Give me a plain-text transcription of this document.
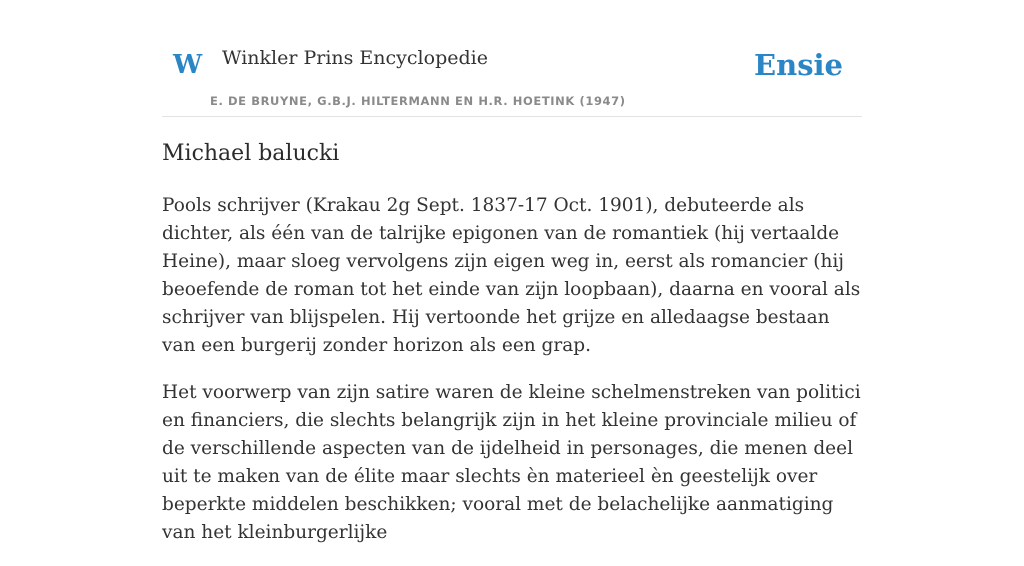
W Winkler Prins Encyclopedie
E. DE BRUYNE, G.B.J. HILTERMANN EN H.R. HOETINK (1947)
Ensie
Michael balucki

Pools schrijver (Krakau 2g Sept. 1837-17 Oct. 1901), debuteerde als dichter, als één van de talrijke epigonen van de romantiek (hij vertaalde Heine), maar sloeg vervolgens zijn eigen weg in, eerst als romancier (hij beoefende de roman tot het einde van zijn loopbaan), daarna en vooral als schrijver van blijspelen. Hij vertoonde het grijze en alledaagse bestaan van een burgerij zonder horizon als een grap.

Het voorwerp van zijn satire waren de kleine schelmenstreken van politici en financiers, die slechts belangrijk zijn in het kleine provinciale milieu of de verschillende aspecten van de ijdelheid in personages, die menen deel uit te maken van de élite maar slechts èn materieel èn geestelijk over beperkte middelen beschikken; vooral met de belachelijke aanmatiging van het kleinburgerlijke
